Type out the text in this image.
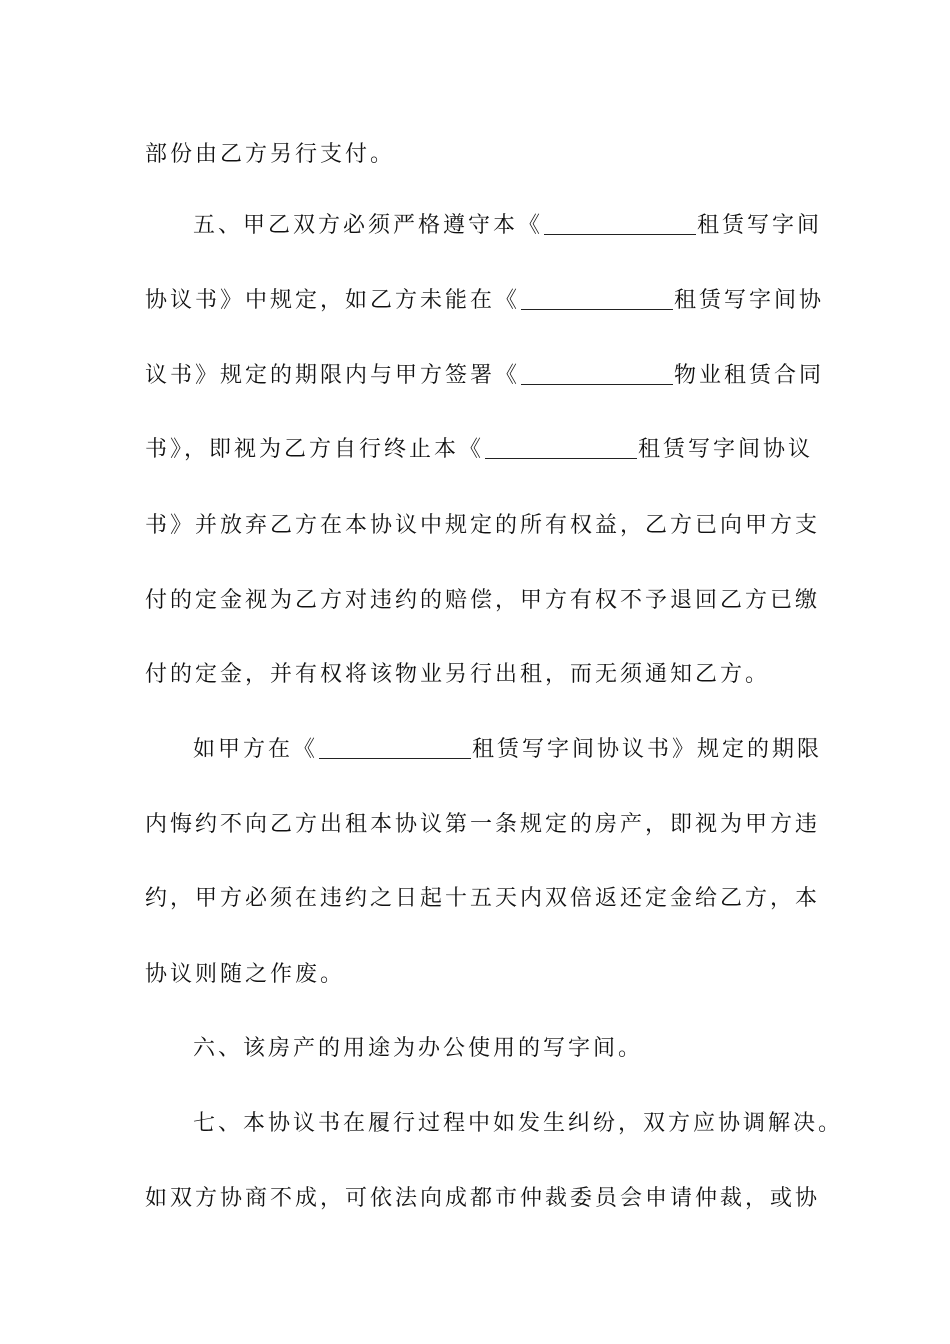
部份由乙方另行支付。
五、甲乙双方必须严格遵守本《	租赁写字间
协议书》中规定，如乙方未能在《	租赁写字间协
议书》规定的期限内与甲方签署《	物业租赁合同
书》，即视为乙方自行终止本《	租赁写字间协议
书》并放弃乙方在本协议中规定的所有权益，乙方已向甲方支
付的定金视为乙方对违约的赔偿，甲方有权不予退回乙方已缴
付的定金，并有权将该物业另行出租，而无须通知乙方。
如甲方在《	租赁写字间协议书》规定的期限
内悔约不向乙方出租本协议第一条规定的房产，即视为甲方违
约，甲方必须在违约之日起十五天内双倍返还定金给乙方，本
协议则随之作废。
六、该房产的用途为办公使用的写字间。
七、本协议书在履行过程中如发生纠纷，双方应协调解决。
如双方协商不成，可依法向成都市仲裁委员会申请仲裁，或协
